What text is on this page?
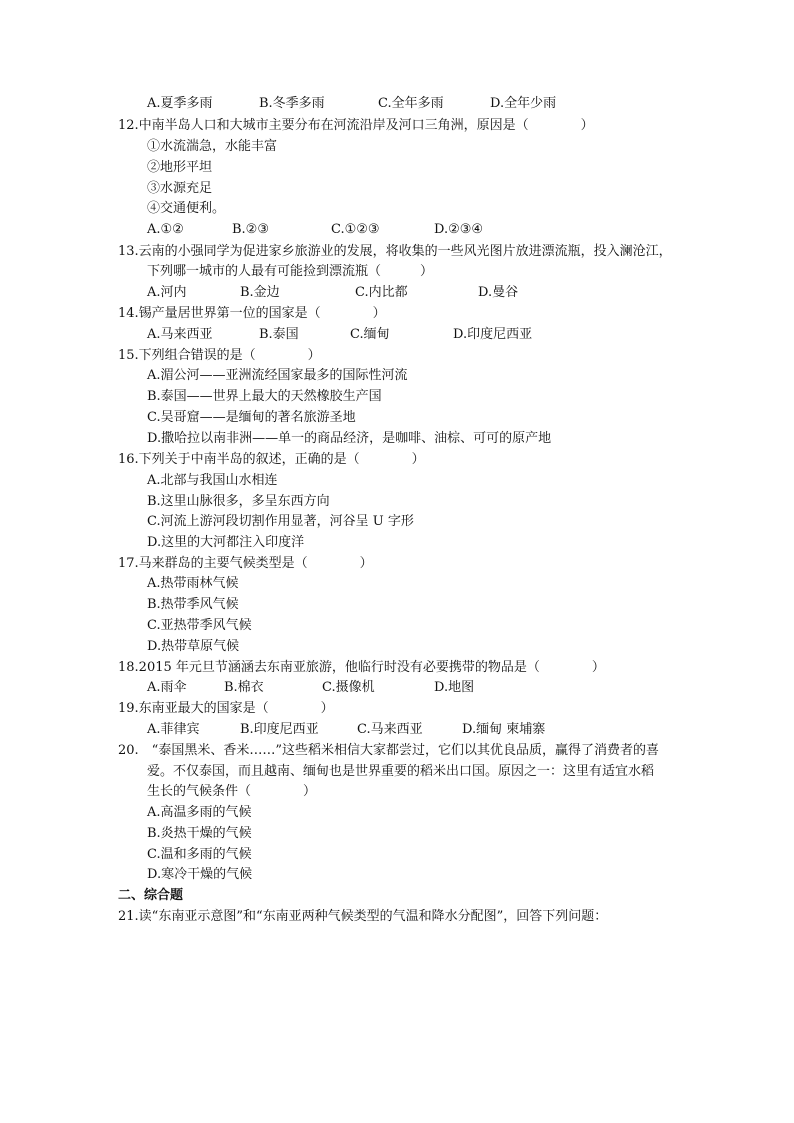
A.夏季多雨	B.冬季多雨	C.全年多雨	D.全年少雨
12.中南半岛人口和大城市主要分布在河流沿岸及河口三角洲，原因是（　　　　）
①水流湍急，水能丰富
②地形平坦
③水源充足
④交通便利。
A.①②	B.②③	C.①②③	D.②③④
13.云南的小强同学为促进家乡旅游业的发展，将收集的一些风光图片放进漂流瓶，投入澜沧江，
下列哪一城市的人最有可能捡到漂流瓶（　　　）
A.河内	B.金边	C.内比都	D.曼谷
14.锡产量居世界第一位的国家是（　　　　）
A.马来西亚	B.泰国	C.缅甸	D.印度尼西亚
15.下列组合错误的是（　　　　）
A.湄公河——亚洲流经国家最多的国际性河流
B.泰国——世界上最大的天然橡胶生产国
C.吴哥窟——是缅甸的著名旅游圣地
D.撒哈拉以南非洲——单一的商品经济，是咖啡、油棕、可可的原产地
16.下列关于中南半岛的叙述，正确的是（　　　　）
A.北部与我国山水相连
B.这里山脉很多，多呈东西方向
C.河流上游河段切割作用显著，河谷呈 U 字形
D.这里的大河都注入印度洋
17.马来群岛的主要气候类型是（　　　　）
A.热带雨林气候
B.热带季风气候
C.亚热带季风气候
D.热带草原气候
18.2015 年元旦节涵涵去东南亚旅游，他临行时没有必要携带的物品是（　　　　）
A.雨伞	B.棉衣	C.摄像机	D.地图
19.东南亚最大的国家是（　　　　）
A.菲律宾	B.印度尼西亚	C.马来西亚	D.缅甸 柬埔寨
20.　“泰国黑米、香米……”这些稻米相信大家都尝过，它们以其优良品质，赢得了消费者的喜
爱。不仅泰国，而且越南、缅甸也是世界重要的稻米出口国。原因之一：这里有适宜水稻
生长的气候条件（　　　　）
A.高温多雨的气候
B.炎热干燥的气候
C.温和多雨的气候
D.寒冷干燥的气候
二、综合题
21.读“东南亚示意图”和“东南亚两种气候类型的气温和降水分配图”，回答下列问题：
